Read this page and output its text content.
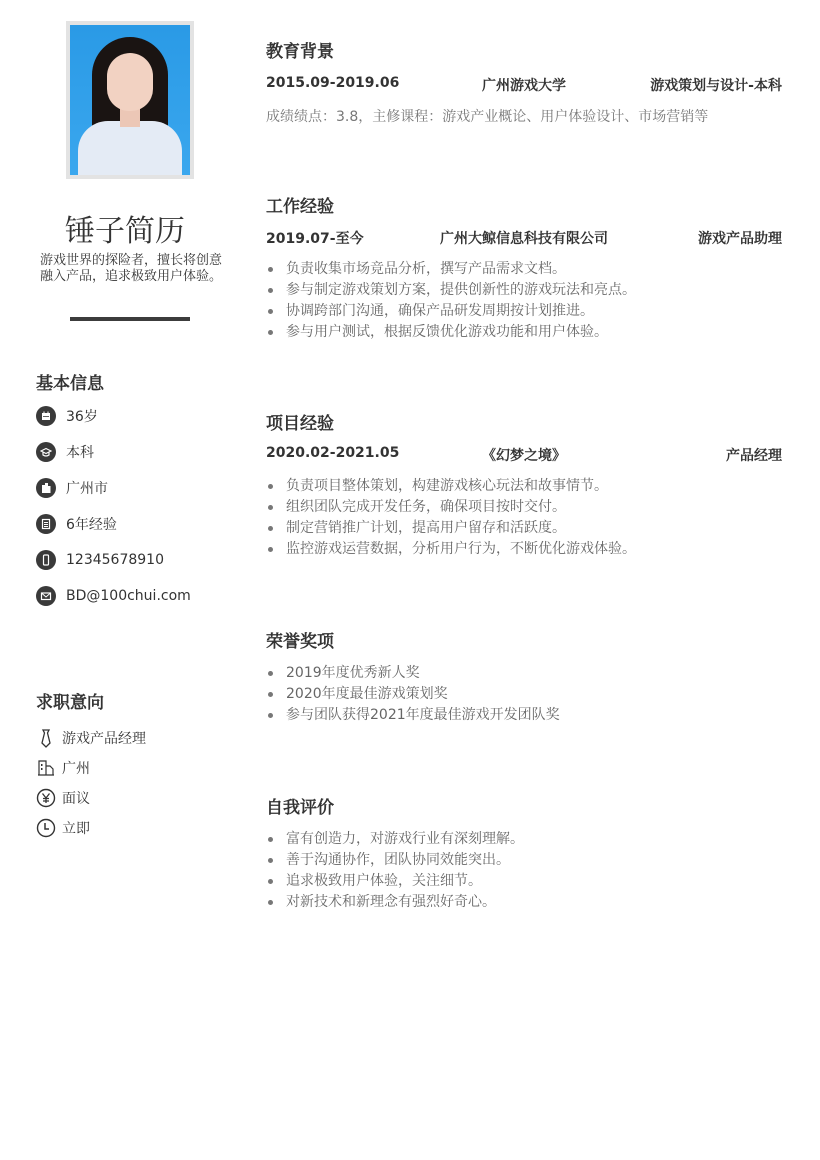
锤子简历
游戏世界的探险者，擅长将创意融入产品，追求极致用户体验。
基本信息
36岁
本科
广州市
6年经验
12345678910
BD@100chui.com
求职意向
游戏产品经理
广州
面议
立即
教育背景
2015.09-2019.06	广州游戏大学	游戏策划与设计-本科
成绩绩点：3.8，主修课程：游戏产业概论、用户体验设计、市场营销等
工作经验
2019.07-至今	广州大鲸信息科技有限公司	游戏产品助理
负责收集市场竞品分析，撰写产品需求文档。
参与制定游戏策划方案，提供创新性的游戏玩法和亮点。
协调跨部门沟通，确保产品研发周期按计划推进。
参与用户测试，根据反馈优化游戏功能和用户体验。
项目经验
2020.02-2021.05	《幻梦之境》	产品经理
负责项目整体策划，构建游戏核心玩法和故事情节。
组织团队完成开发任务，确保项目按时交付。
制定营销推广计划，提高用户留存和活跃度。
监控游戏运营数据，分析用户行为，不断优化游戏体验。
荣誉奖项
2019年度优秀新人奖
2020年度最佳游戏策划奖
参与团队获得2021年度最佳游戏开发团队奖
自我评价
富有创造力，对游戏行业有深刻理解。
善于沟通协作，团队协同效能突出。
追求极致用户体验，关注细节。
对新技术和新理念有强烈好奇心。
